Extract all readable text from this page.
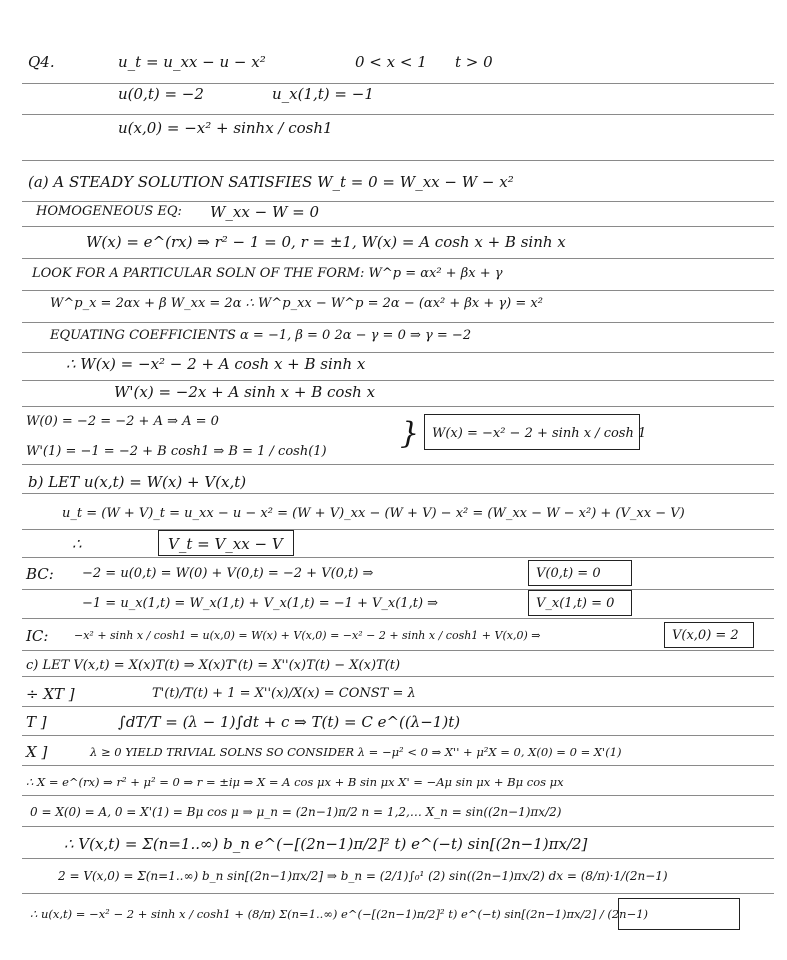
Q4.	u_t = u_xx − u − x²	0 < x < 1 t > 0
u(0,t) = −2	u_x(1,t) = −1
u(x,0) = −x² + sinhx / cosh1
(a) A STEADY SOLUTION SATISFIES W_t = 0 = W_xx − W − x²
HOMOGENEOUS EQ: W_xx − W = 0
W(x) = e^(rx) ⇒ r² − 1 = 0, r = ±1, W(x) = A cosh x + B sinh x
LOOK FOR A PARTICULAR SOLN OF THE FORM: W^p = αx² + βx + γ
W^p_x = 2αx + β W_xx = 2α ∴ W^p_xx − W^p = 2α − (αx² + βx + γ) = x²
EQUATING COEFFICIENTS α = −1, β = 0 2α − γ = 0 ⇒ γ = −2
∴ W(x) = −x² − 2 + A cosh x + B sinh x
W'(x) = −2x + A sinh x + B cosh x
W(0) = −2 = −2 + A ⇒ A = 0
W'(1) = −1 = −2 + B cosh1 ⇒ B = 1 / cosh(1)
} W(x) = −x² − 2 + sinh x / cosh 1
b) LET u(x,t) = W(x) + V(x,t)
u_t = (W + V)_t = u_xx − u − x² = (W + V)_xx − (W + V) − x² = (W_xx − W − x²) + (V_xx − V)
∴	V_t = V_xx − V
BC: −2 = u(0,t) = W(0) + V(0,t) = −2 + V(0,t) ⇒	V(0,t) = 0
−1 = u_x(1,t) = W_x(1,t) + V_x(1,t) = −1 + V_x(1,t) ⇒	V_x(1,t) = 0
IC: −x² + sinh x / cosh1 = u(x,0) = W(x) + V(x,0) = −x² − 2 + sinh x / cosh1 + V(x,0) ⇒	V(x,0) = 2
c) LET V(x,t) = X(x)T(t) ⇒ X(x)T'(t) = X''(x)T(t) − X(x)T(t)
÷ XT ]	T'(t)/T(t) + 1 = X''(x)/X(x) = CONST = λ
T ]	∫dT/T = (λ − 1)∫dt + c ⇒ T(t) = C e^((λ−1)t)
X ]	λ ≥ 0 YIELD TRIVIAL SOLNS SO CONSIDER λ = −μ² < 0 ⇒ X'' + μ²X = 0, X(0) = 0 = X'(1)
∴ X = e^(rx) ⇒ r² + μ² = 0 ⇒ r = ±iμ ⇒ X = A cos μx + B sin μx X' = −Aμ sin μx + Bμ cos μx
0 = X(0) = A, 0 = X'(1) = Bμ cos μ ⇒ μ_n = (2n−1)π/2 n = 1,2,… X_n = sin((2n−1)πx/2)
∴ V(x,t) = Σ(n=1..∞) b_n e^(−[(2n−1)π/2]² t) e^(−t) sin[(2n−1)πx/2]
2 = V(x,0) = Σ(n=1..∞) b_n sin[(2n−1)πx/2] ⇒ b_n = (2/1)∫₀¹ (2) sin((2n−1)πx/2) dx = (8/π)·1/(2n−1)
∴ u(x,t) = −x² − 2 + sinh x / cosh1 + (8/π) Σ(n=1..∞) e^(−[(2n−1)π/2]² t) e^(−t) sin[(2n−1)πx/2] / (2n−1)
